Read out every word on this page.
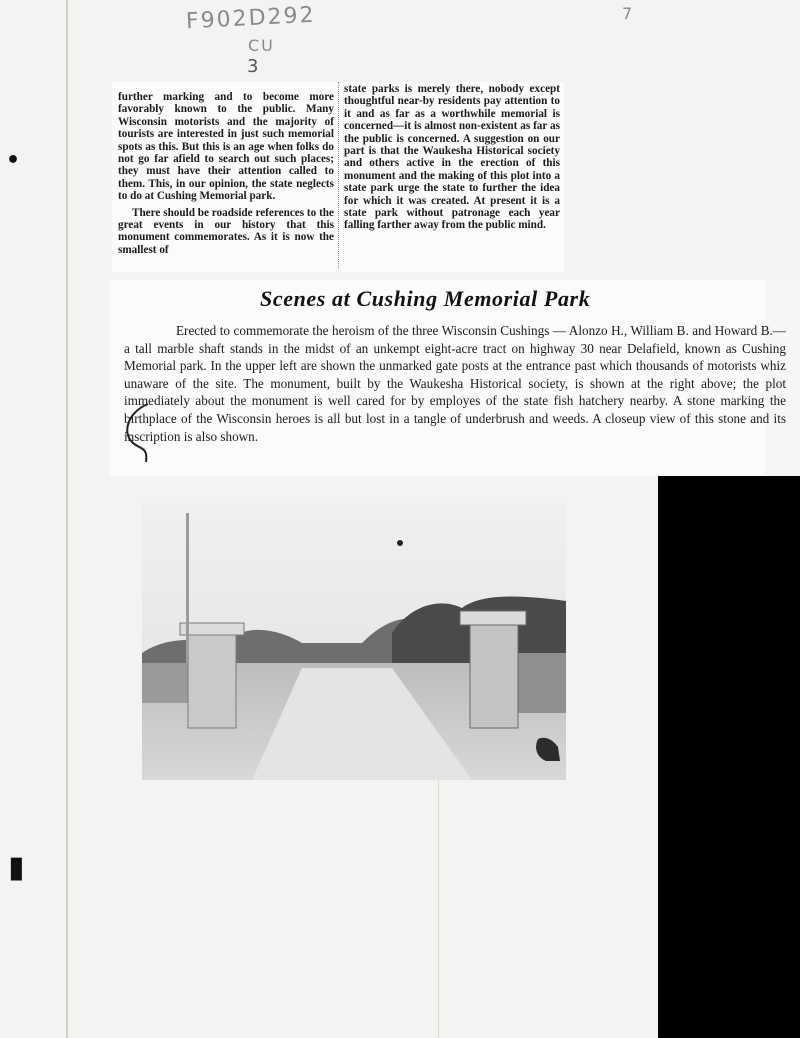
•
▮
F902D292
CU
3
7

further marking and to become more favorably known to the public. Many Wisconsin motorists and the majority of tourists are interested in just such memorial spots as this. But this is an age when folks do not go far afield to search out such places; they must have their attention called to them. This, in our opinion, the state neglects to do at Cushing Memorial park.

There should be roadside references to the great events in our history that this monument commemorates. As it is now the smallest of

state parks is merely there, nobody except thoughtful near-by residents pay attention to it and as far as a worthwhile memorial is concerned—it is almost non-existent as far as the public is concerned. A suggestion on our part is that the Waukesha Historical society and others active in the erection of this monument and the making of this plot into a state park urge the state to further the idea for which it was created. At present it is a state park without patronage each year falling farther away from the public mind.

Scenes at Cushing Memorial Park

Erected to commemorate the heroism of the three Wisconsin Cushings — Alonzo H., William B. and Howard B.—a tall marble shaft stands in the midst of an unkempt eight-acre tract on highway 30 near Delafield, known as Cushing Memorial park. In the upper left are shown the unmarked gate posts at the entrance past which thousands of motorists whiz unaware of the site. The monument, built by the Waukesha Historical society, is shown at the right above; the plot immediately about the monument is well cared for by employes of the state fish hatchery nearby. A stone marking the birthplace of the Wisconsin heroes is all but lost in a tangle of underbrush and weeds. A closeup view of this stone and its inscription is also shown.
